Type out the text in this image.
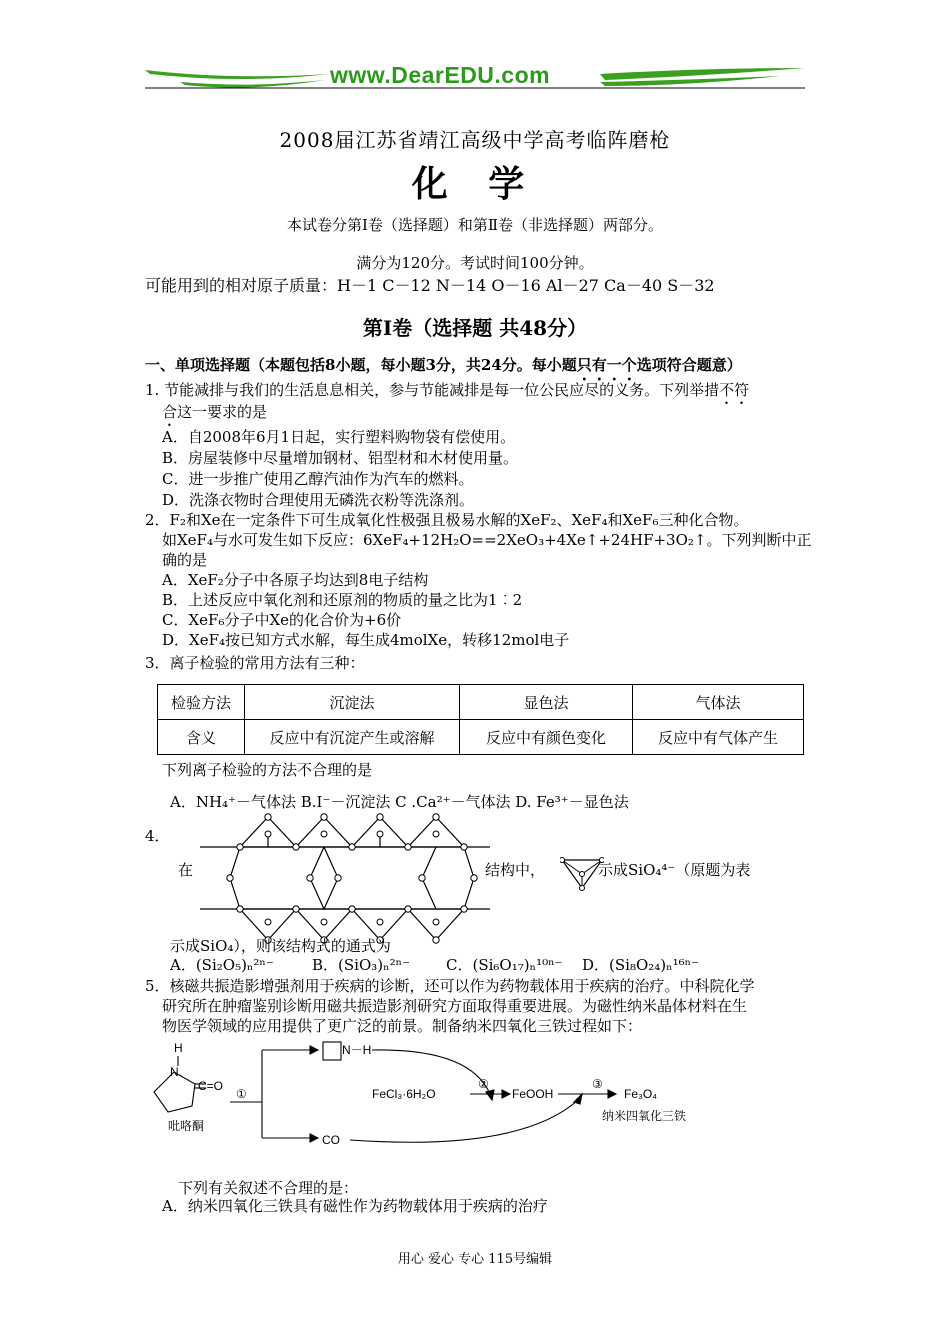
www.DearEDU.com
2008届江苏省靖江高级中学高考临阵磨枪
化 学
本试卷分第Ⅰ卷（选择题）和第Ⅱ卷（非选择题）两部分。
满分为120分。考试时间100分钟。
可能用到的相对原子质量：H－1 C－12 N－14 O－16 Al－27 Ca－40 S－32
第Ⅰ卷（选择题 共48分）
一、单项选择题（本题包括8小题，每小题3分，共24分。每小题只有一个选项符合题意）
1. 节能减排与我们的生活息息相关，参与节能减排是每一位公民应尽的义务。下列举措不符
合这一要求的是
A．自2008年6月1日起，实行塑料购物袋有偿使用。
B．房屋装修中尽量增加钢材、铝型材和木材使用量。
C．进一步推广使用乙醇汽油作为汽车的燃料。
D．洗涤衣物时合理使用无磷洗衣粉等洗涤剂。
2．F₂和Xe在一定条件下可生成氧化性极强且极易水解的XeF₂、XeF₄和XeF₆三种化合物。
如XeF₄与水可发生如下反应：6XeF₄+12H₂O==2XeO₃+4Xe↑+24HF+3O₂↑。下列判断中正
确的是
A．XeF₂分子中各原子均达到8电子结构
B．上述反应中氧化剂和还原剂的物质的量之比为1︰2
C．XeF₆分子中Xe的化合价为+6价
D．XeF₄按已知方式水解，每生成4molXe，转移12mol电子
3．离子检验的常用方法有三种：
检验方法	沉淀法	显色法	气体法
含义	反应中有沉淀产生或溶解	反应中有颜色变化	反应中有气体产生
下列离子检验的方法不合理的是
A．NH₄⁺－气体法 B.I⁻－沉淀法 C .Ca²⁺－气体法 D. Fe³⁺－显色法
4．
在	结构中，	示成SiO₄⁴⁻（原题为表
示成SiO₄），则该结构式的通式为
A．(Si₂O₅)ₙ²ⁿ⁻	B．(SiO₃)ₙ²ⁿ⁻ C．(Si₆O₁₇)ₙ¹⁰ⁿ⁻ D．(Si₈O₂₄)ₙ¹⁶ⁿ⁻
5．核磁共振造影增强剂用于疾病的诊断，还可以作为药物载体用于疾病的治疗。中科院化学
研究所在肿瘤鉴别诊断用磁共振造影剂研究方面取得重要进展。为磁性纳米晶体材料在生
物医学领域的应用提供了更广泛的前景。制备纳米四氧化三铁过程如下：
H
N
C=O
吡咯酮
①
N－H
FeCl₃·6H₂O
②
FeOOH
③
Fe₃O₄
纳米四氧化三铁
CO
下列有关叙述不合理的是：
A．纳米四氧化三铁具有磁性作为药物载体用于疾病的治疗
用心 爱心 专心 115号编辑
